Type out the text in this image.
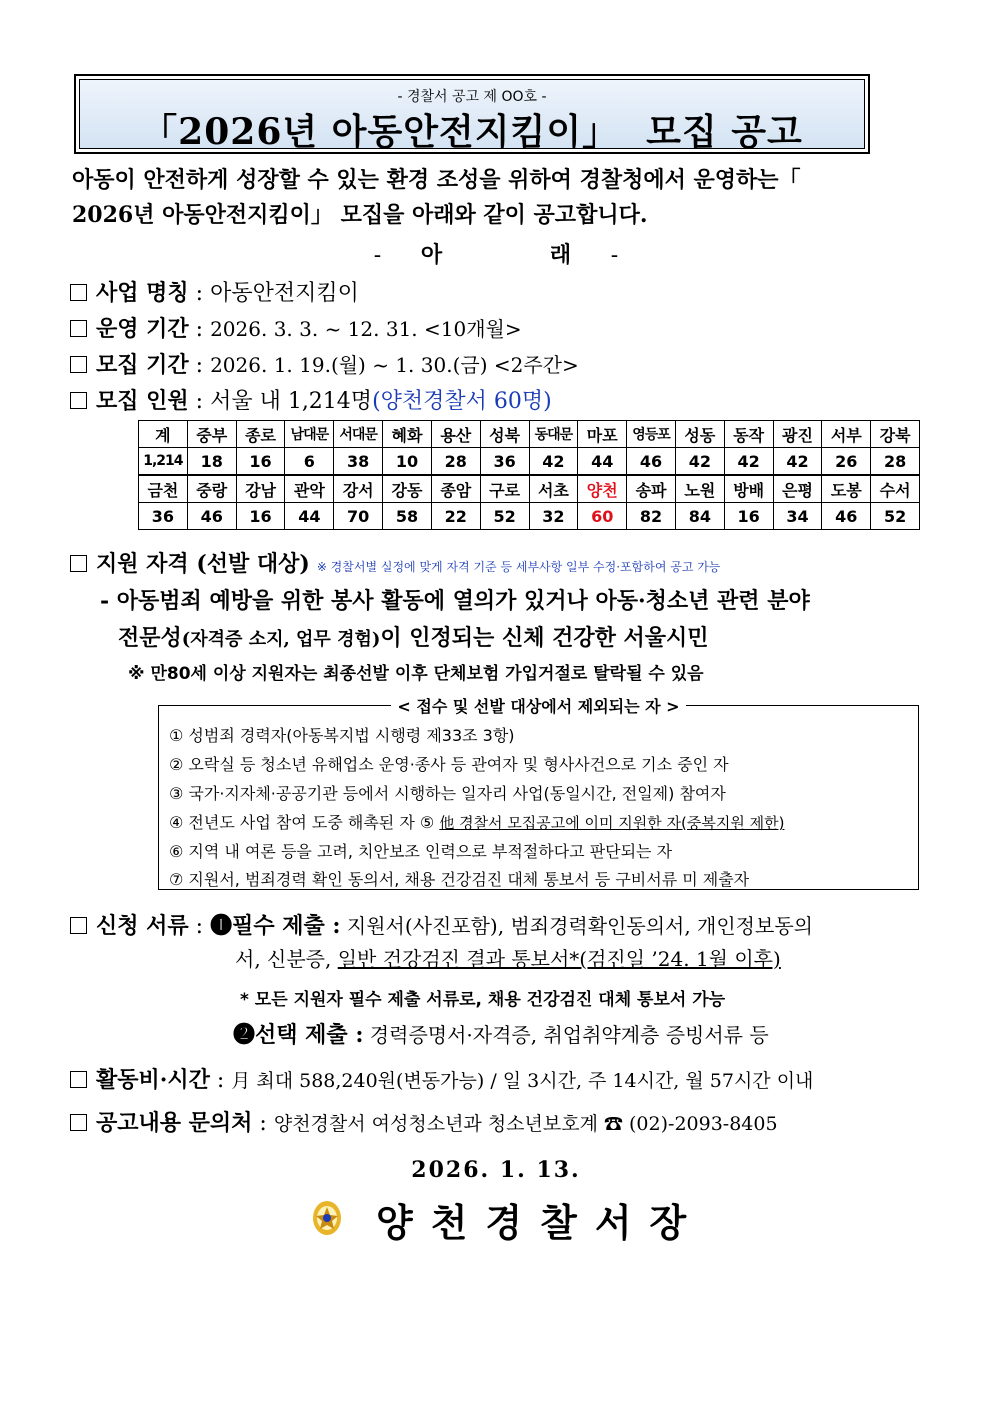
- 경찰서 공고 제 OO호 -
「2026년 아동안전지킴이」  모집 공고
아동이 안전하게 성장할 수 있는 환경 조성을 위하여 경찰청에서 운영하는「
2026년 아동안전지킴이」 모집을 아래와 같이 공고합니다.
- 아	래 -
사업 명칭 : 아동안전지킴이
운영 기간 : 2026. 3. 3. ~ 12. 31. <10개월>
모집 기간 : 2026. 1. 19.(월) ~ 1. 30.(금) <2주간>
모집 인원 : 서울 내 1,214명(양천경찰서 60명)
계	중부	종로	남대문	서대문	혜화	용산	성북	동대문	마포	영등포	성동	동작	광진	서부	강북
1,214	18	16	6	38	10	28	36	42	44	46	42	42	42	26	28
금천	중랑	강남	관악	강서	강동	종암	구로	서초	양천	송파	노원	방배	은평	도봉	수서
36	46	16	44	70	58	22	52	32	60	82	84	16	34	46	52
지원 자격 (선발 대상) ※ 경찰서별 실정에 맞게 자격 기준 등 세부사항 일부 수정·포함하여 공고 가능
- 아동범죄 예방을 위한 봉사 활동에 열의가 있거나 아동·청소년 관련 분야
전문성(자격증 소지, 업무 경험)이 인정되는 신체 건강한 서울시민
※ 만80세 이상 지원자는 최종선발 이후 단체보험 가입거절로 탈락될 수 있음
< 접수 및 선발 대상에서 제외되는 자 >
① 성범죄 경력자(아동복지법 시행령 제33조 3항)
② 오락실 등 청소년 유해업소 운영·종사 등 관여자 및 형사사건으로 기소 중인 자
③ 국가·지자체·공공기관 등에서 시행하는 일자리 사업(동일시간, 전일제) 참여자
④ 전년도 사업 참여 도중 해촉된 자 ⑤ 他 경찰서 모집공고에 이미 지원한 자(중복지원 제한)
⑥ 지역 내 여론 등을 고려, 치안보조 인력으로 부적절하다고 판단되는 자
⑦ 지원서, 범죄경력 확인 동의서, 채용 건강검진 대체 통보서 등 구비서류 미 제출자
신청 서류 : ➊필수 제출 : 지원서(사진포함), 범죄경력확인동의서, 개인정보동의
서, 신분증, 일반 건강검진 결과 통보서*(검진일 ’24. 1월 이후)
* 모든 지원자 필수 제출 서류로, 채용 건강검진 대체 통보서 가능
➋선택 제출 : 경력증명서·자격증, 취업취약계층 증빙서류 등
활동비·시간 : 月 최대 588,240원(변동가능) / 일 3시간, 주 14시간, 월 57시간 이내
공고내용 문의처 : 양천경찰서 여성청소년과 청소년보호계 ☎ (02)-2093-8405
2026. 1. 13.
양천경찰서장
